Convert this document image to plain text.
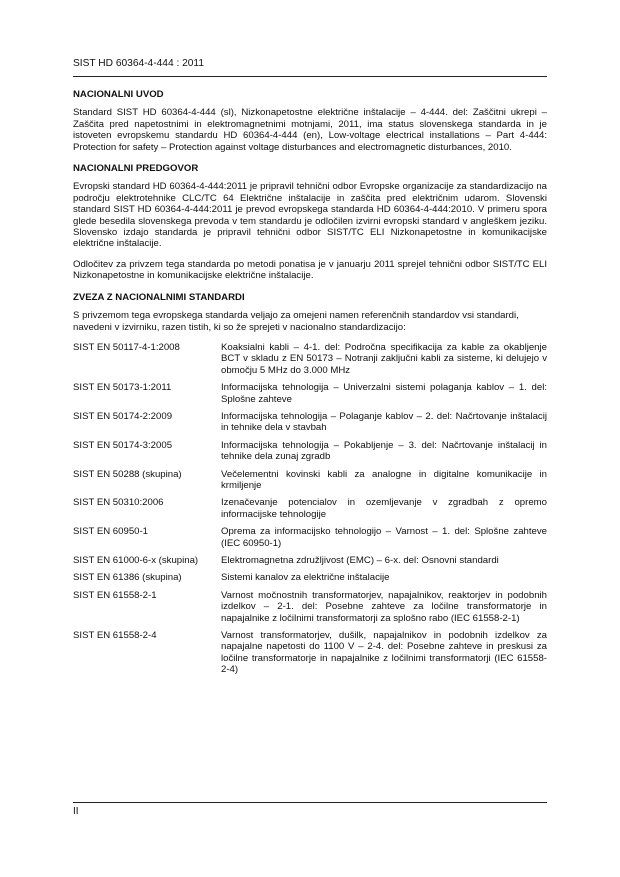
SIST HD 60364-4-444 : 2011
NACIONALNI UVOD

Standard SIST HD 60364-4-444 (sl), Nizkonapetostne električne inštalacije – 4-444. del: Zaščitni ukrepi – Zaščita pred napetostnimi in elektromagnetnimi motnjami, 2011, ima status slovenskega standarda in je istoveten evropskemu standardu HD 60364-4-444 (en), Low-voltage electrical installations – Part 4-444: Protection for safety – Protection against voltage disturbances and electromagnetic disturbances, 2010.

NACIONALNI PREDGOVOR

Evropski standard HD 60364-4-444:2011 je pripravil tehnični odbor Evropske organizacije za standardizacijo na področju elektrotehnike CLC/TC 64 Električne inštalacije in zaščita pred električnim udarom. Slovenski standard SIST HD 60364-4-444:2011 je prevod evropskega standarda HD 60364-4-444:2010. V primeru spora glede besedila slovenskega prevoda v tem standardu je odločilen izvirni evropski standard v angleškem jeziku. Slovensko izdajo standarda je pripravil tehnični odbor SIST/TC ELI Nizkonapetostne in komunikacijske električne inštalacije.

Odločitev za privzem tega standarda po metodi ponatisa je v januarju 2011 sprejel tehnični odbor SIST/TC ELI Nizkonapetostne in komunikacijske električne inštalacije.

ZVEZA Z NACIONALNIMI STANDARDI

S privzemom tega evropskega standarda veljajo za omejeni namen referenčnih standardov vsi standardi, navedeni v izvirniku, razen tistih, ki so že sprejeti v nacionalno standardizacijo:

SIST EN 50117-4-1:2008	Koaksialni kabli – 4-1. del: Področna specifikacija za kable za okabljenje BCT v skladu z EN 50173 – Notranji zaključni kabli za sisteme, ki delujejo v območju 5 MHz do 3.000 MHz
SIST EN 50173-1:2011	Informacijska tehnologija – Univerzalni sistemi polaganja kablov – 1. del: Splošne zahteve
SIST EN 50174-2:2009	Informacijska tehnologija – Polaganje kablov – 2. del: Načrtovanje inštalacij in tehnike dela v stavbah
SIST EN 50174-3:2005	Informacijska tehnologija – Pokabljenje – 3. del: Načrtovanje inštalacij in tehnike dela zunaj zgradb
SIST EN 50288 (skupina)	Večelementni kovinski kabli za analogne in digitalne komunikacije in krmiljenje
SIST EN 50310:2006	Izenačevanje potencialov in ozemljevanje v zgradbah z opremo informacijske tehnologije
SIST EN 60950-1	Oprema za informacijsko tehnologijo – Varnost – 1. del: Splošne zahteve (IEC 60950-1)
SIST EN 61000-6-x (skupina)	Elektromagnetna združljivost (EMC) – 6-x. del: Osnovni standardi
SIST EN 61386 (skupina)	Sistemi kanalov za električne inštalacije
SIST EN 61558-2-1	Varnost močnostnih transformatorjev, napajalnikov, reaktorjev in podobnih izdelkov – 2-1. del: Posebne zahteve za ločilne transformatorje in napajalnike z ločilnimi transformatorji za splošno rabo (IEC 61558-2-1)
SIST EN 61558-2-4	Varnost transformatorjev, dušilk, napajalnikov in podobnih izdelkov za napajalne napetosti do 1100 V – 2-4. del: Posebne zahteve in preskusi za ločilne transformatorje in napajalnike z ločilnimi transformatorji (IEC 61558-2-4)
II
